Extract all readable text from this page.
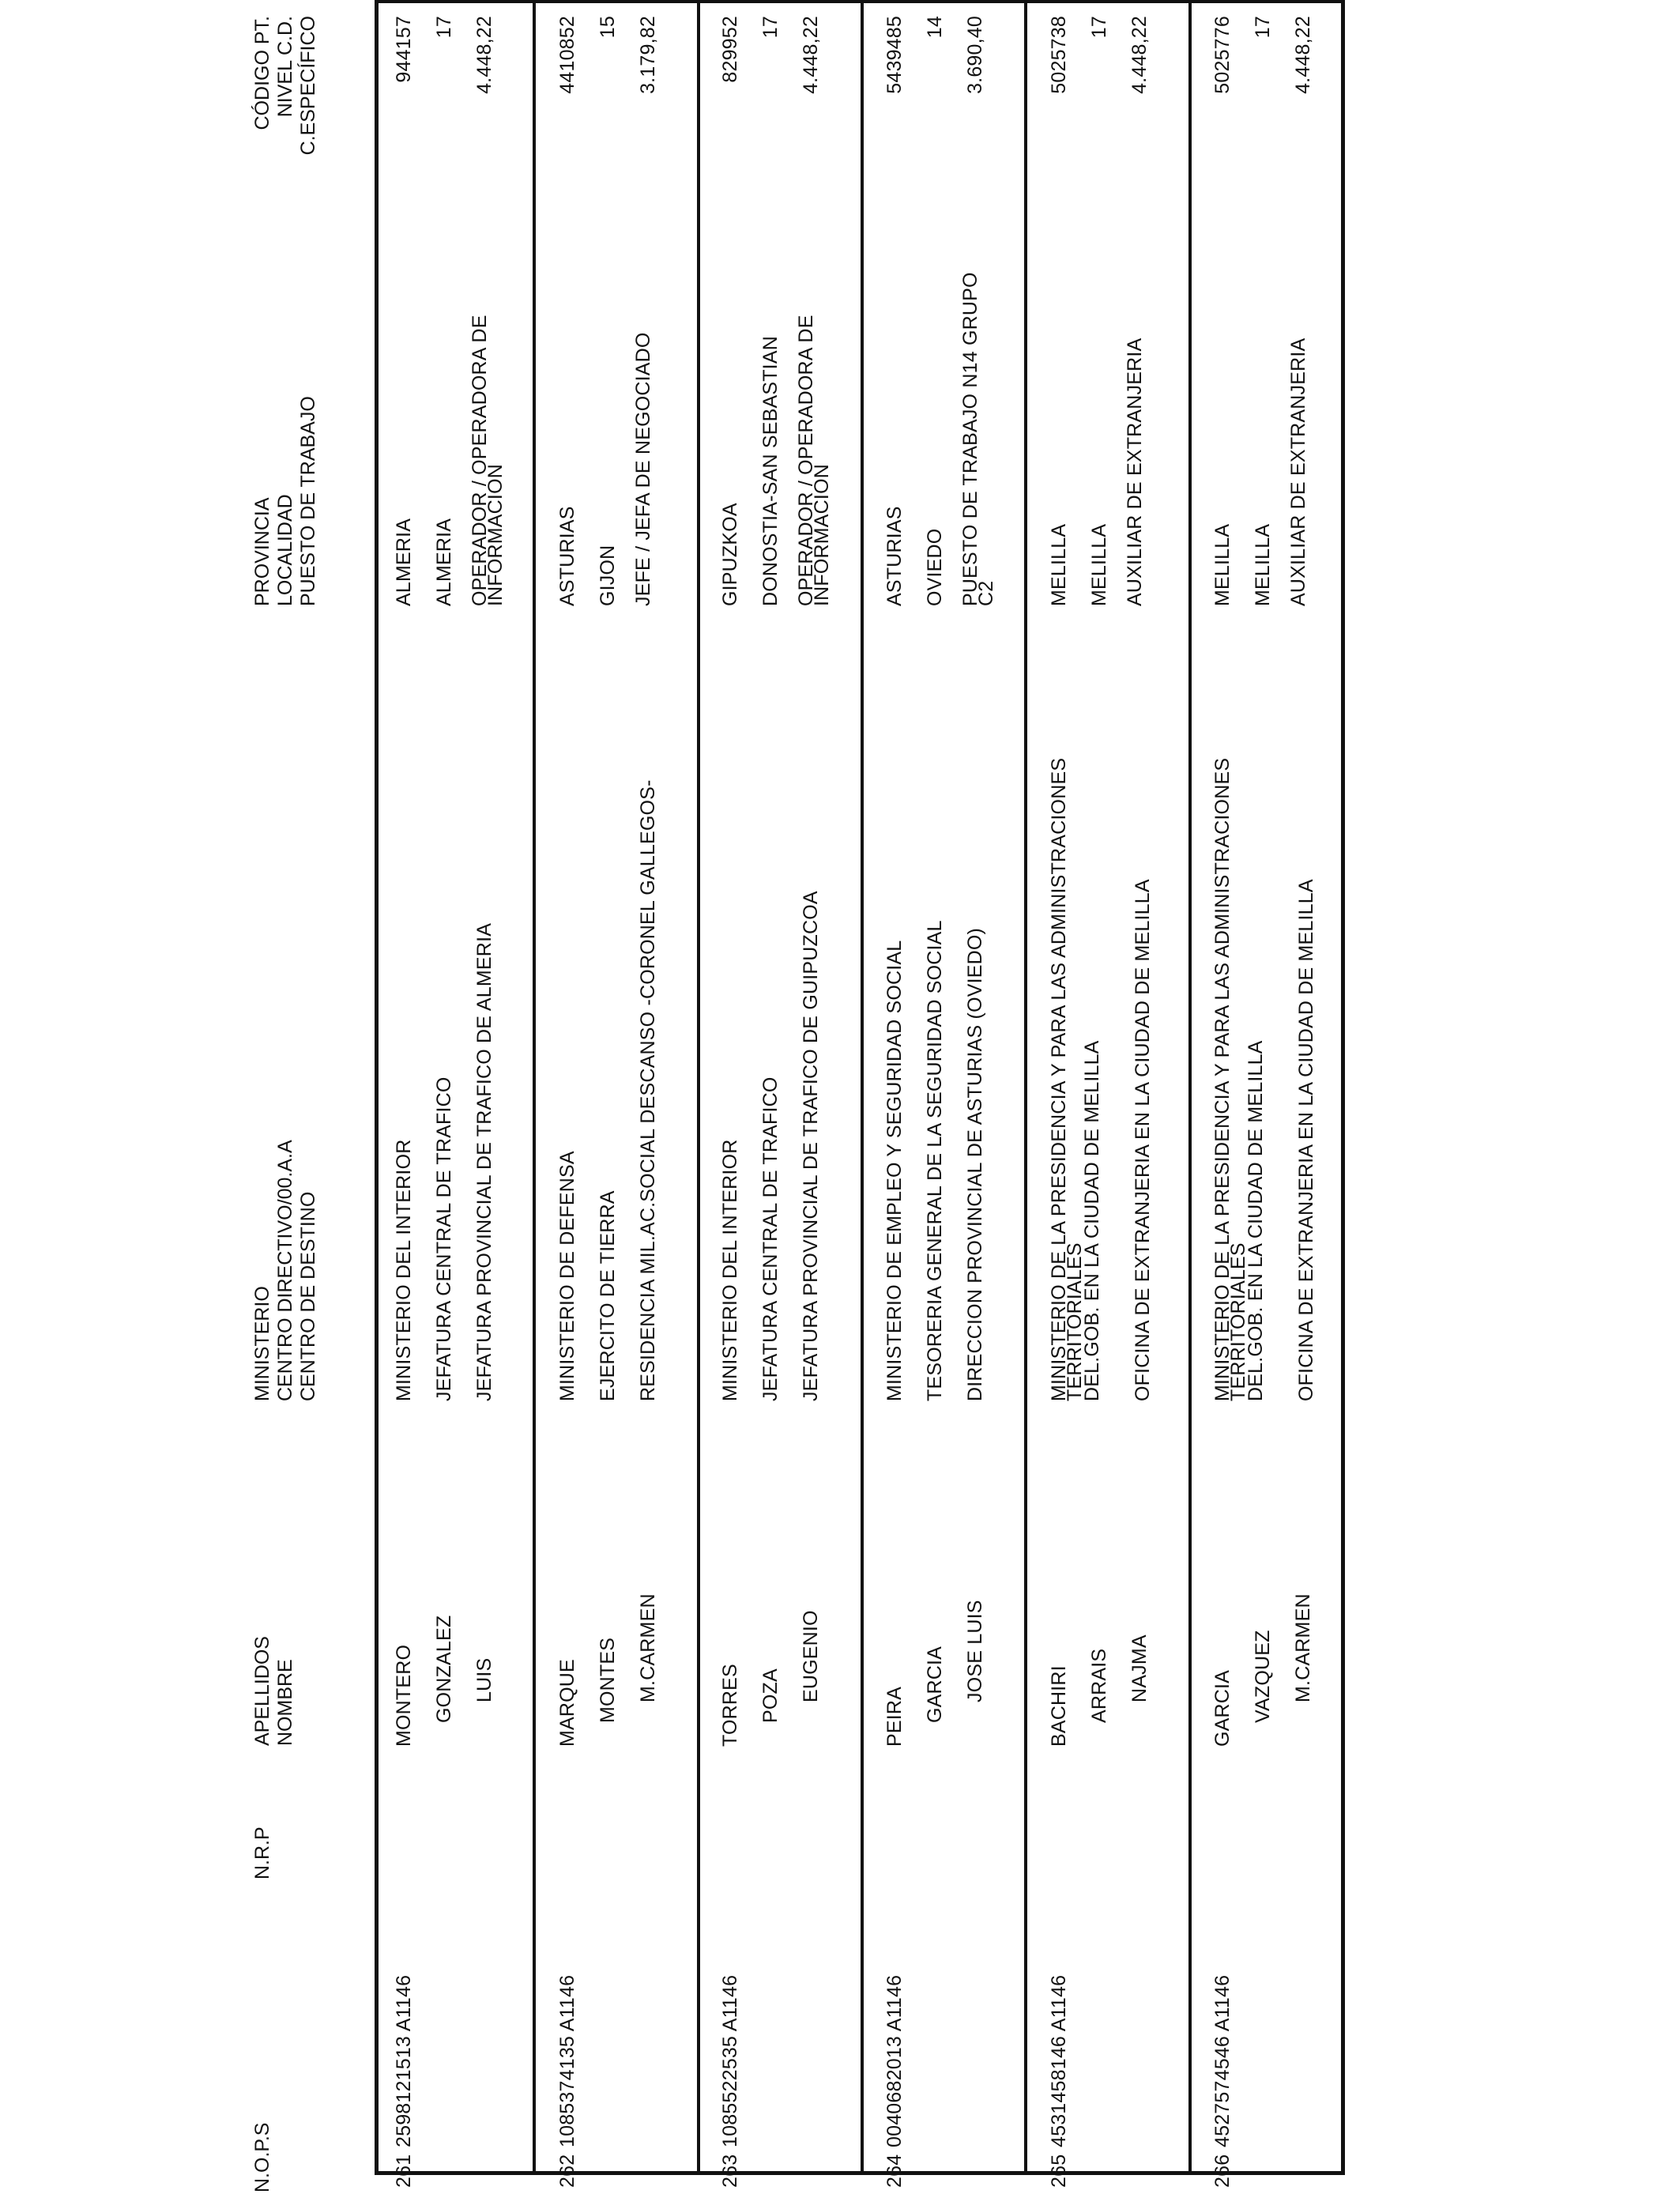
N.O.P.S
N.R.P
APELLIDOS NOMBRE
MINISTERIO CENTRO DIRECTIVO/00.A.A CENTRO DE DESTINO
PROVINCIA LOCALIDAD PUESTO DE TRABAJO
CÓDIGO PT. NIVEL C.D. C.ESPECÍFICO
261
2598121513 A1146
MONTERO GONZALEZ LUIS
MINISTERIO DEL INTERIOR JEFATURA CENTRAL DE TRAFICO JEFATURA PROVINCIAL DE TRAFICO DE ALMERIA
ALMERIA ALMERIA OPERADOR / OPERADORA DE
INFORMACION
944157 17 4.448,22
262
1085374135 A1146
MARQUE MONTES M.CARMEN
MINISTERIO DE DEFENSA EJERCITO DE TIERRA RESIDENCIA MIL.AC.SOCIAL DESCANSO -CORONEL GALLEGOS-
ASTURIAS GIJON JEFE / JEFA DE NEGOCIADO
4410852 15 3.179,82
263
1085522535 A1146
TORRES POZA EUGENIO
MINISTERIO DEL INTERIOR JEFATURA CENTRAL DE TRAFICO JEFATURA PROVINCIAL DE TRAFICO DE GUIPUZCOA
GIPUZKOA DONOSTIA-SAN SEBASTIAN OPERADOR / OPERADORA DE
INFORMACION
829952 17 4.448,22
264
0040682013 A1146
PEIRA GARCIA JOSE LUIS
MINISTERIO DE EMPLEO Y SEGURIDAD SOCIAL TESORERIA GENERAL DE LA SEGURIDAD SOCIAL DIRECCION PROVINCIAL DE ASTURIAS (OVIEDO)
ASTURIAS OVIEDO PUESTO DE TRABAJO N14 GRUPO
C2
5439485 14 3.690,40
265
4531458146 A1146
BACHIRI ARRAIS NAJMA
MINISTERIO DE LA PRESIDENCIA Y PARA LAS ADMINISTRACIONES
TERRITORIALES
DEL.GOB. EN LA CIUDAD DE MELILLA OFICINA DE EXTRANJERIA EN LA CIUDAD DE MELILLA
MELILLA MELILLA AUXILIAR DE EXTRANJERIA
5025738 17 4.448,22
266
4527574546 A1146
GARCIA VAZQUEZ M.CARMEN
MINISTERIO DE LA PRESIDENCIA Y PARA LAS ADMINISTRACIONES
TERRITORIALES
DEL.GOB. EN LA CIUDAD DE MELILLA OFICINA DE EXTRANJERIA EN LA CIUDAD DE MELILLA
MELILLA MELILLA AUXILIAR DE EXTRANJERIA
5025776 17 4.448,22
